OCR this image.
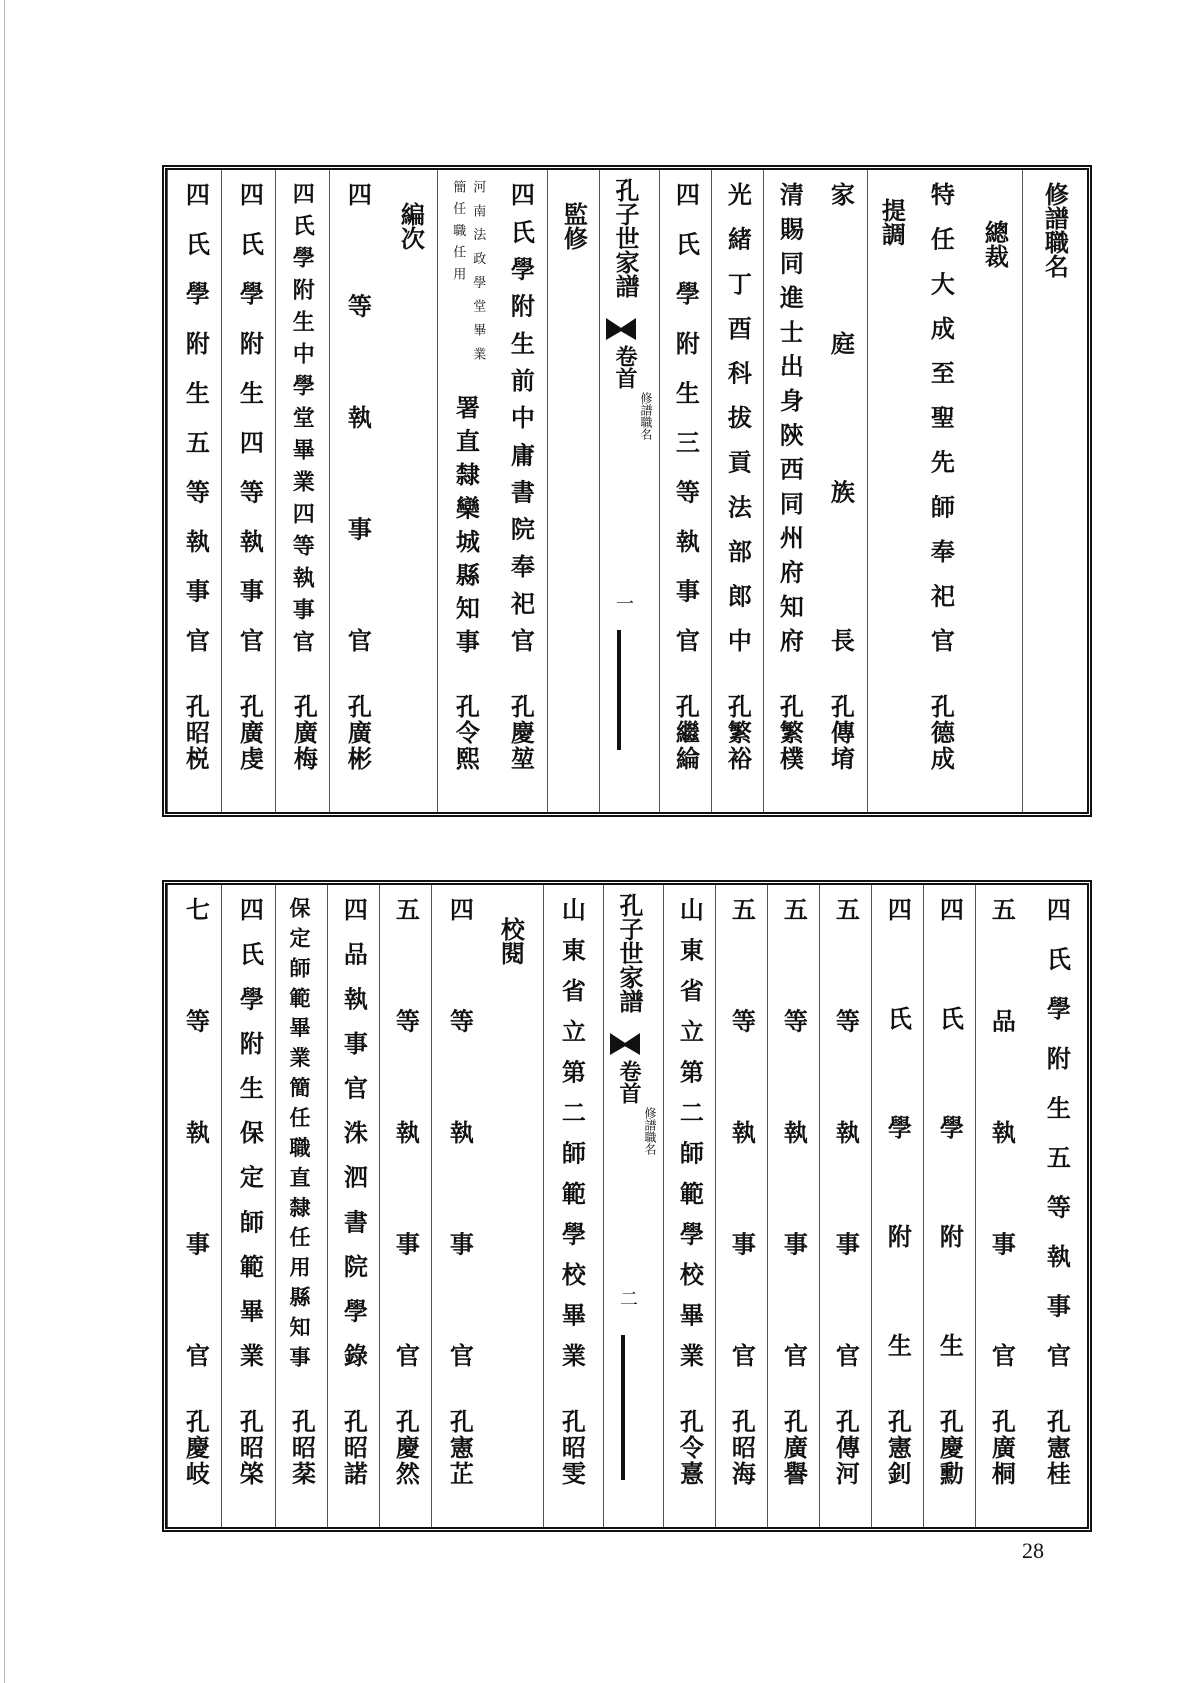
修譜職名
總裁
特任大成至聖先師奉祀官
孔德成
提調
家庭族長
孔傳堉
清賜同進士出身陝西同州府知府
孔繁樸
光緒丁酉科拔貢法部郎中
孔繁裕
四氏學附生三等執事官
孔繼綸
孔子世家譜
卷首
修譜職名
一
監修
四氏學附生前中庸書院奉祀官
孔慶堃
河南法政學堂畢業
簡任職任用
署直隸欒城縣知事
孔令熙
編次
四等執事官
孔廣彬
四氏學附生中學堂畢業四等執事官
孔廣梅
四氏學附生四等執事官
孔廣虔
四氏學附生五等執事官
孔昭棁
四氏學附生五等執事官
孔憲桂
五品執事官
孔廣桐
四氏學附生
孔慶勳
四氏學附生
孔憲釗
五等執事官
孔傳河
五等執事官
孔廣譽
五等執事官
孔昭海
山東省立第二師範學校畢業
孔令憙
孔子世家譜
卷首
修譜職名
二
山東省立第二師範學校畢業
孔昭雯
校閱
四等執事官
孔憲芷
五等執事官
孔慶然
四品執事官洙泗書院學錄
孔昭諾
保定師範畢業簡任職直隸任用縣知事
孔昭棻
四氏學附生保定師範畢業
孔昭棨
七等執事官
孔慶岐
28
